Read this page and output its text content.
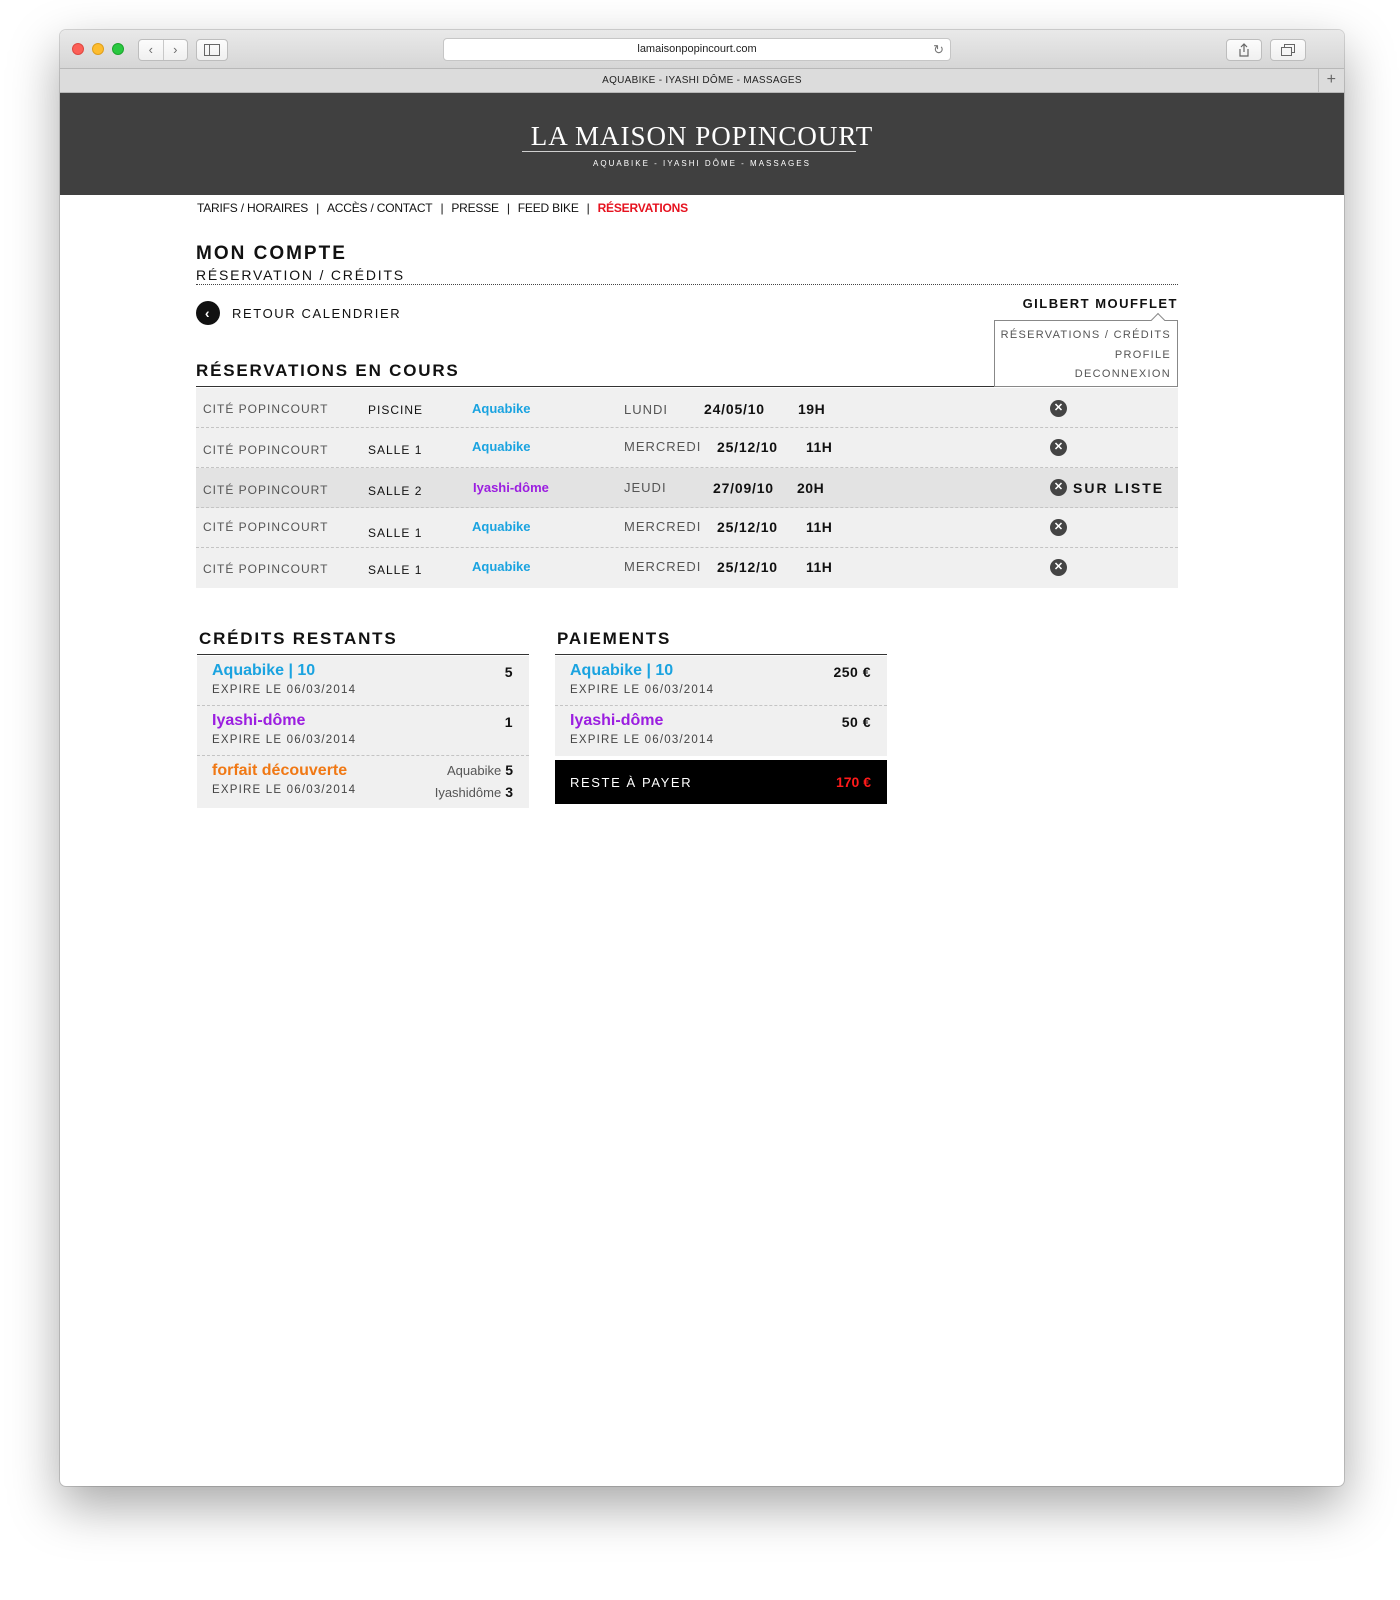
‹	›	lamaisonpopincourt.com	↻
AQUABIKE - IYASHI DÔME - MASSAGES	+
LA MAISON POPINCOURT
AQUABIKE - IYASHI DÔME - MASSAGES
TARIFS / HORAIRES | ACCÈS / CONTACT | PRESSE | FEED BIKE | RÉSERVATIONS
MON COMPTE
RÉSERVATION / CRÉDITS
‹	RETOUR CALENDRIER
GILBERT MOUFFLET
RÉSERVATIONS / CRÉDITS
PROFILE
DECONNEXION
RÉSERVATIONS EN COURS
CITÉ POPINCOURT	PISCINE	Aquabike	LUNDI	24/05/10 19H	✕
CITÉ POPINCOURT	SALLE 1	Aquabike	MERCREDI 25/12/10 11H	✕
CITÉ POPINCOURT	SALLE 2	Iyashi-dôme	JEUDI	27/09/10 20H	✕ SUR LISTE
CITÉ POPINCOURT	SALLE 1	Aquabike	MERCREDI 25/12/10 11H	✕
CITÉ POPINCOURT	SALLE 1	Aquabike	MERCREDI 25/12/10 11H	✕
CRÉDITS RESTANTS
Aquabike | 10
EXPIRE LE 06/03/2014
5
Iyashi-dôme
EXPIRE LE 06/03/2014
1
forfait découverte
EXPIRE LE 06/03/2014
Aquabike 5
Iyashidôme 3
PAIEMENTS
Aquabike | 10
EXPIRE LE 06/03/2014
250 €
Iyashi-dôme
EXPIRE LE 06/03/2014
50 €
RESTE À PAYER	170 €
